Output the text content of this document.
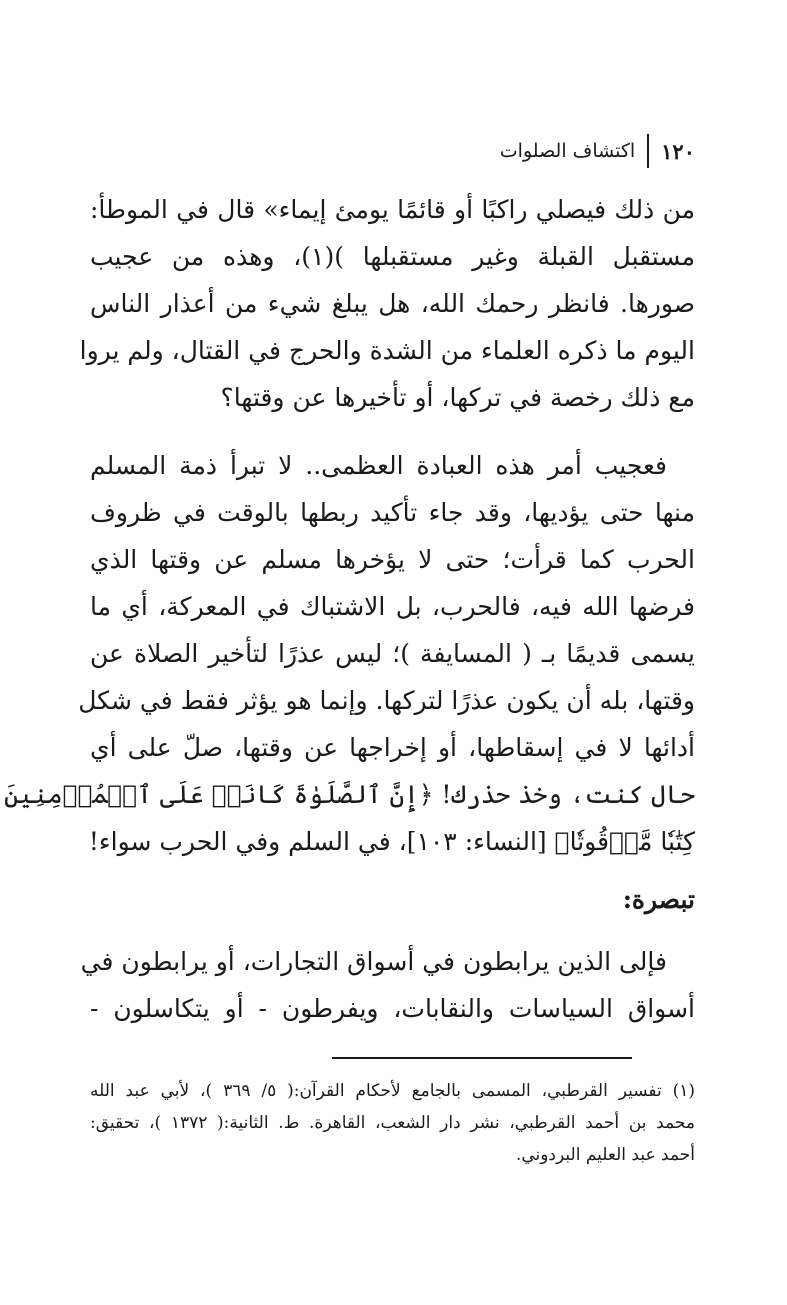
١٢٠
اكتشاف الصلوات
من ذلك فيصلي راكبًا أو قائمًا يومئ إيماء» قال في الموطأ:
مستقبل القبلة وغير مستقبلها )(١)، وهذه من عجيب
صورها. فانظر رحمك الله، هل يبلغ شيء من أعذار الناس
اليوم ما ذكره العلماء من الشدة والحرج في القتال، ولم يروا
مع ذلك رخصة في تركها، أو تأخيرها عن وقتها؟
فعجيب أمر هذه العبادة العظمى.. لا تبرأ ذمة المسلم
منها حتى يؤديها، وقد جاء تأكيد ربطها بالوقت في ظروف
الحرب كما قرأت؛ حتى لا يؤخرها مسلم عن وقتها الذي
فرضها الله فيه، فالحرب، بل الاشتباك في المعركة، أي ما
يسمى قديمًا بـ ( المسايفة )؛ ليس عذرًا لتأخير الصلاة عن
وقتها، بله أن يكون عذرًا لتركها. وإنما هو يؤثر فقط في شكل
أدائها لا في إسقاطها، أو إخراجها عن وقتها، صلّ على أي
حال كنت، وخذ حذرك! ﴿إِنَّ ٱلصَّلَوٰةَ كَانَتۡ عَلَى ٱلۡمُؤۡمِنِينَ
كِتَٰبٗا مَّوۡقُوتٗا﴾ [النساء: ١٠٣]، في السلم وفي الحرب سواء!
تبصرة:
فإلى الذين يرابطون في أسواق التجارات، أو يرابطون في
أسواق السياسات والنقابات، ويفرطون - أو يتكاسلون -
(١) تفسير القرطبي، المسمى بالجامع لأحكام القرآن:( ٥/ ٣٦٩ )، لأبي عبد الله
محمد بن أحمد القرطبي، نشر دار الشعب، القاهرة. ط. الثانية:( ١٣٧٢ )، تحقيق:
أحمد عبد العليم البردوني.
